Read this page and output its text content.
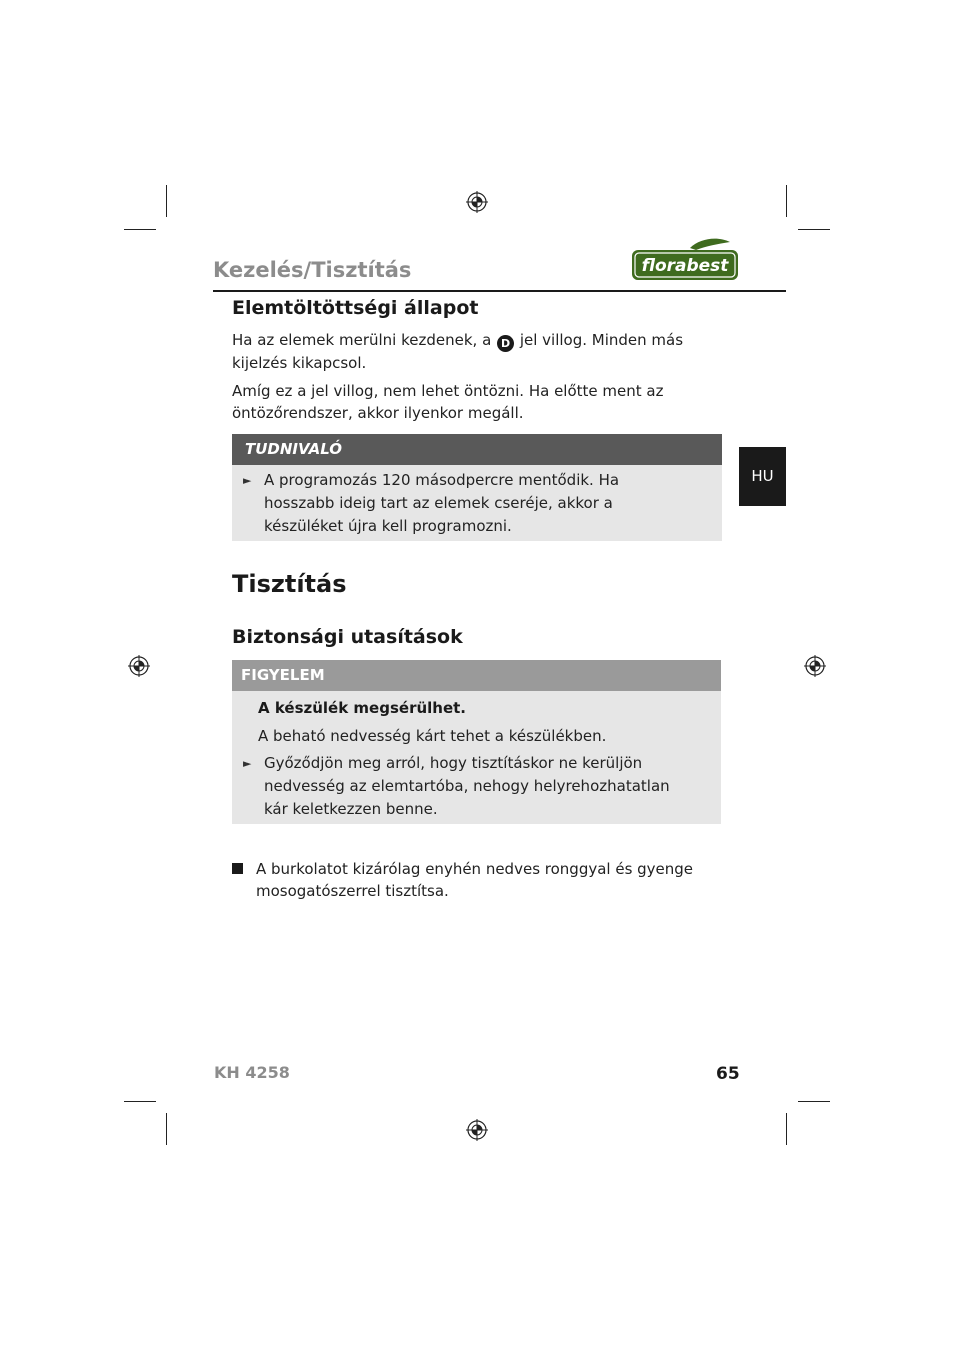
Kezelés/Tisztítás	florabest
HU
Elemtöltöttségi állapot
Ha az elemek merülni kezdenek, a D jel villog. Minden más kijelzés kikapcsol.
Amíg ez a jel villog, nem lehet öntözni. Ha előtte ment az öntözőrendszer, akkor ilyenkor megáll.
TUDNIVALÓ
► A programozás 120 másodpercre mentődik. Ha hosszabb ideig tart az elemek cseréje, akkor a készüléket újra kell programozni.
Tisztítás
Biztonsági utasítások
FIGYELEM
A készülék megsérülhet.
A beható nedvesség kárt tehet a készülékben.
► Győződjön meg arról, hogy tisztításkor ne kerüljön nedvesség az elemtartóba, nehogy helyrehozhatatlan kár keletkezzen benne.
A burkolatot kizárólag enyhén nedves ronggyal és gyenge mosogatószerrel tisztítsa.
KH 4258	65
